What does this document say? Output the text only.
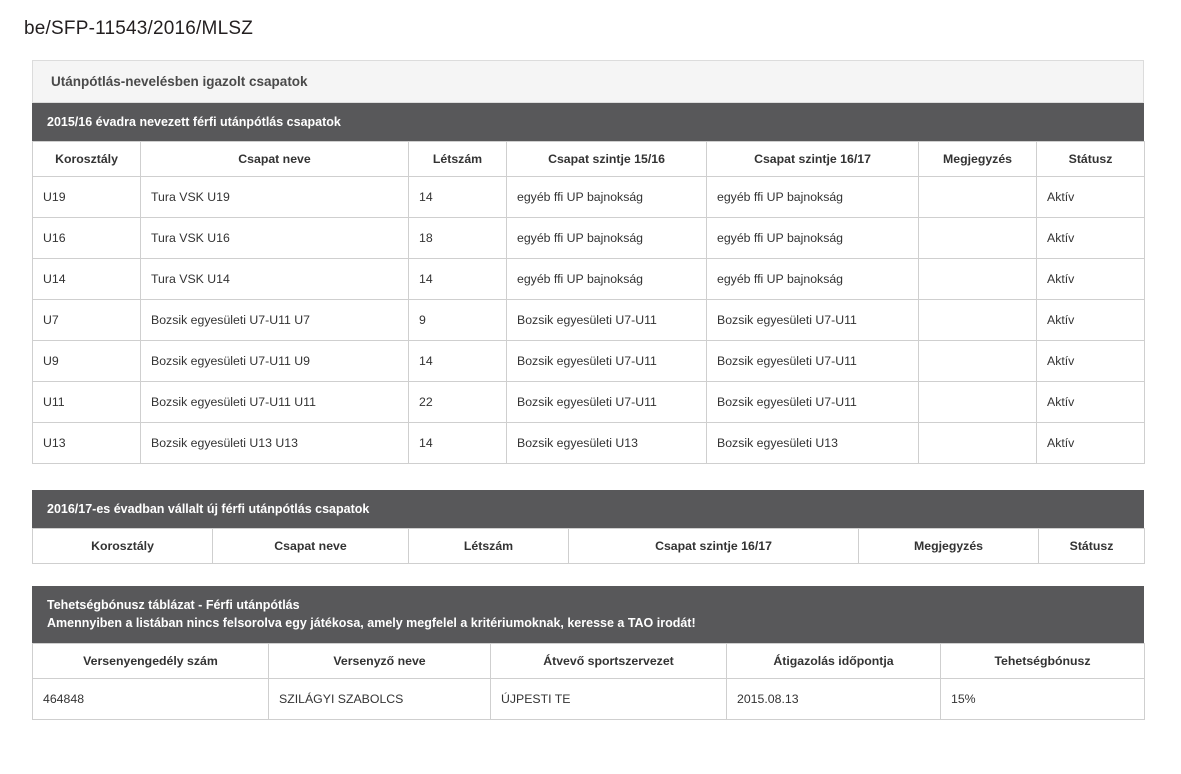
be/SFP-11543/2016/MLSZ
Utánpótlás-nevelésben igazolt csapatok
2015/16 évadra nevezett férfi utánpótlás csapatok
Korosztály	Csapat neve	Létszám	Csapat szintje 15/16	Csapat szintje 16/17	Megjegyzés	Státusz
U19	Tura VSK U19	14	egyéb ffi UP bajnokság	egyéb ffi UP bajnokság		Aktív
U16	Tura VSK U16	18	egyéb ffi UP bajnokság	egyéb ffi UP bajnokság		Aktív
U14	Tura VSK U14	14	egyéb ffi UP bajnokság	egyéb ffi UP bajnokság		Aktív
U7	Bozsik egyesületi U7-U11 U7	9	Bozsik egyesületi U7-U11	Bozsik egyesületi U7-U11		Aktív
U9	Bozsik egyesületi U7-U11 U9	14	Bozsik egyesületi U7-U11	Bozsik egyesületi U7-U11		Aktív
U11	Bozsik egyesületi U7-U11 U11	22	Bozsik egyesületi U7-U11	Bozsik egyesületi U7-U11		Aktív
U13	Bozsik egyesületi U13 U13	14	Bozsik egyesületi U13	Bozsik egyesületi U13		Aktív
2016/17-es évadban vállalt új férfi utánpótlás csapatok
Korosztály	Csapat neve	Létszám	Csapat szintje 16/17	Megjegyzés	Státusz
Tehetségbónusz táblázat - Férfi utánpótlás
Amennyiben a listában nincs felsorolva egy játékosa, amely megfelel a kritériumoknak, keresse a TAO irodát!
Versenyengedély szám	Versenyző neve	Átvevő sportszervezet	Átigazolás időpontja	Tehetségbónusz
464848	SZILÁGYI SZABOLCS	ÚJPESTI TE	2015.08.13	15%
